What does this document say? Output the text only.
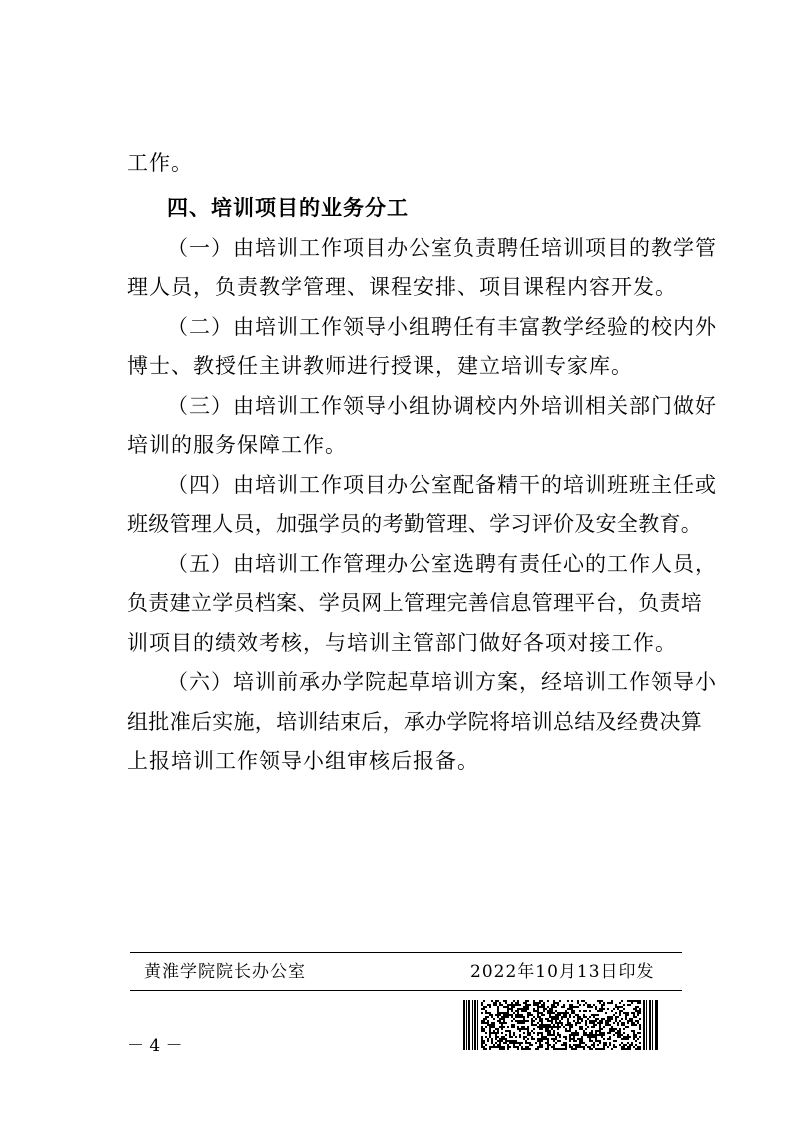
工作。
四、培训项目的业务分工
（一）由培训工作项目办公室负责聘任培训项目的教学管
理人员，负责教学管理、课程安排、项目课程内容开发。
（二）由培训工作领导小组聘任有丰富教学经验的校内外
博士、教授任主讲教师进行授课，建立培训专家库。
（三）由培训工作领导小组协调校内外培训相关部门做好
培训的服务保障工作。
（四）由培训工作项目办公室配备精干的培训班班主任或
班级管理人员，加强学员的考勤管理、学习评价及安全教育。
（五）由培训工作管理办公室选聘有责任心的工作人员，
负责建立学员档案、学员网上管理完善信息管理平台，负责培
训项目的绩效考核，与培训主管部门做好各项对接工作。
（六）培训前承办学院起草培训方案，经培训工作领导小
组批准后实施，培训结束后，承办学院将培训总结及经费决算
上报培训工作领导小组审核后报备。
黄淮学院院长办公室	2022年10月13日印发
－ 4 －
